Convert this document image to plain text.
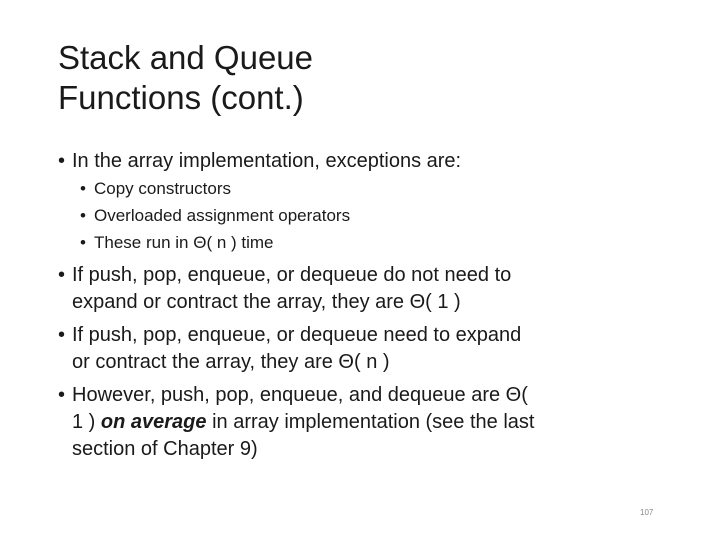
Stack and Queue
Functions (cont.)
• In the array implementation, exceptions are:
• Copy constructors
• Overloaded assignment operators
• These run in Θ( n ) time
• If push, pop, enqueue, or dequeue do not need to
expand or contract the array, they are Θ( 1 )
• If push, pop, enqueue, or dequeue need to expand
or contract the array, they are Θ( n )
• However, push, pop, enqueue, and dequeue are Θ(
1 ) on average in array implementation (see the last
section of Chapter 9)
107
